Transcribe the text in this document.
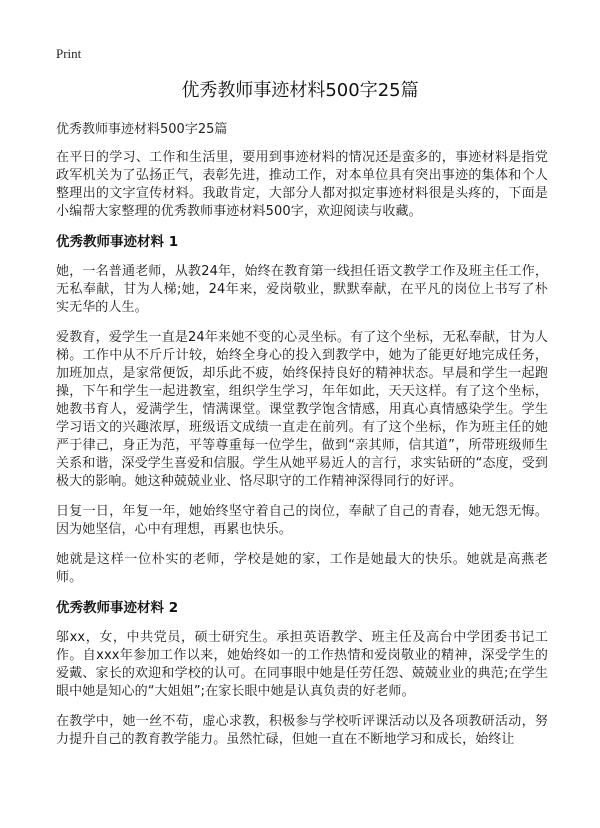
Print
优秀教师事迹材料500字25篇
优秀教师事迹材料500字25篇

在平日的学习、工作和生活里，要用到事迹材料的情况还是蛮多的，事迹材料是指党政军机关为了弘扬正气，表彰先进，推动工作，对本单位具有突出事迹的集体和个人整理出的文字宣传材料。我敢肯定，大部分人都对拟定事迹材料很是头疼的，下面是小编帮大家整理的优秀教师事迹材料500字，欢迎阅读与收藏。

优秀教师事迹材料 1

她，一名普通老师，从教24年，始终在教育第一线担任语文教学工作及班主任工作，无私奉献，甘为人梯;她，24年来，爱岗敬业，默默奉献，在平凡的岗位上书写了朴实无华的人生。

爱教育，爱学生一直是24年来她不变的心灵坐标。有了这个坐标，无私奉献，甘为人梯。工作中从不斤斤计较，始终全身心的投入到教学中，她为了能更好地完成任务，加班加点，是家常便饭，却乐此不疲，始终保持良好的精神状态。早晨和学生一起跑操，下午和学生一起进教室，组织学生学习，年年如此，天天这样。有了这个坐标，她教书育人，爱满学生，情满课堂。课堂教学饱含情感，用真心真情感染学生。学生学习语文的兴趣浓厚，班级语文成绩一直走在前列。有了这个坐标，作为班主任的她严于律己，身正为范，平等尊重每一位学生，做到“亲其师，信其道”，所带班级师生关系和谐，深受学生喜爱和信服。学生从她平易近人的言行，求实钻研的“态度，受到极大的影响。她这种兢兢业业、恪尽职守的工作精神深得同行的好评。

日复一日，年复一年，她始终坚守着自己的岗位，奉献了自己的青春，她无怨无悔。因为她坚信，心中有理想，再累也快乐。

她就是这样一位朴实的老师，学校是她的家，工作是她最大的快乐。她就是高燕老师。

优秀教师事迹材料 2

邬xx，女，中共党员，硕士研究生。承担英语教学、班主任及高台中学团委书记工作。自xxx年参加工作以来，她始终如一的工作热情和爱岗敬业的精神，深受学生的爱戴、家长的欢迎和学校的认可。在同事眼中她是任劳任怨、兢兢业业的典范;在学生眼中她是知心的“大姐姐”;在家长眼中她是认真负责的好老师。

在教学中，她一丝不苟，虚心求教，积极参与学校听评课活动以及各项教研活动，努力提升自己的教育教学能力。虽然忙碌，但她一直在不断地学习和成长，始终让
